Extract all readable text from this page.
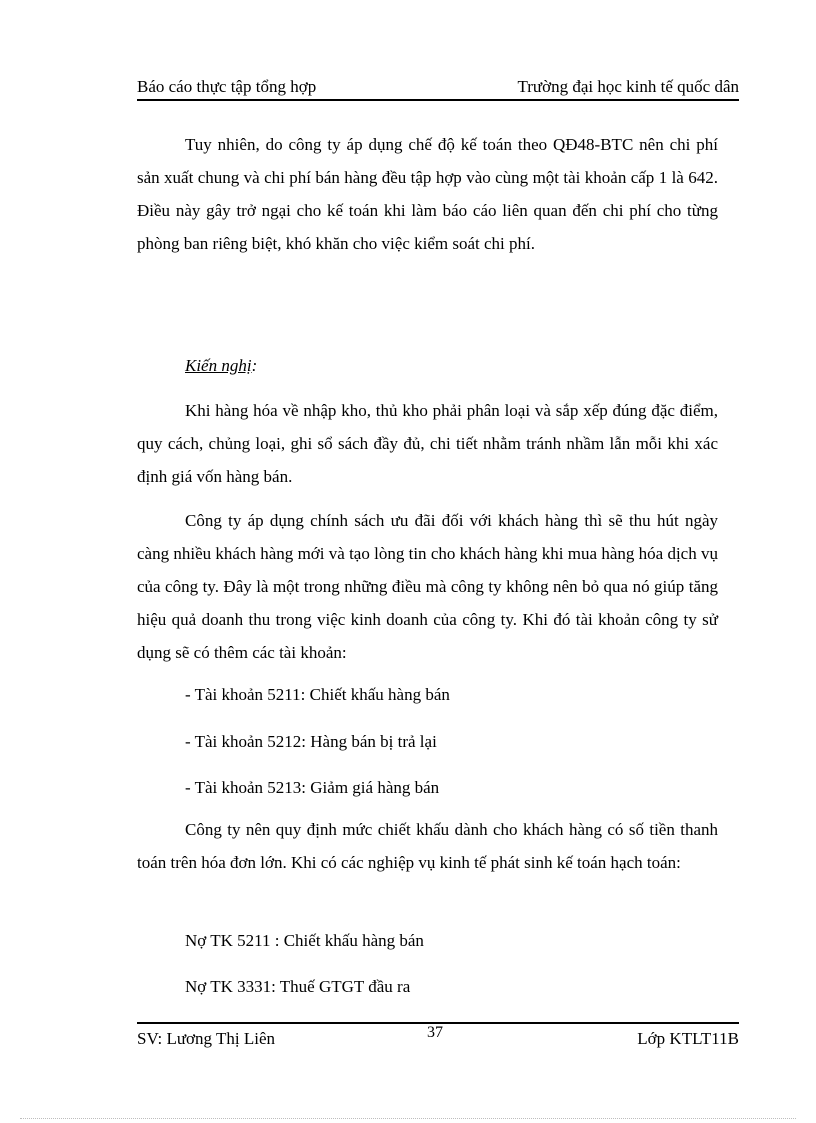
Báo cáo thực tập tổng hợp	Trường đại học kinh tế quốc dân

Tuy nhiên, do công ty áp dụng chế độ kế toán theo QĐ48-BTC nên chi phí sản xuất chung và chi phí bán hàng đều tập hợp vào cùng một tài khoản cấp 1 là 642. Điều này gây trở ngại cho kế toán khi làm báo cáo liên quan đến chi phí cho từng phòng ban riêng biệt, khó khăn cho việc kiểm soát chi phí.

Kiến nghị:

Khi hàng hóa về nhập kho, thủ kho phải phân loại và sắp xếp đúng đặc điểm, quy cách, chủng loại, ghi sổ sách đầy đủ, chi tiết nhằm tránh nhầm lẫn mỗi khi xác định giá vốn hàng bán.

Công ty áp dụng chính sách ưu đãi đối với khách hàng thì sẽ thu hút ngày càng nhiều khách hàng mới và tạo lòng tin cho khách hàng khi mua hàng hóa dịch vụ của công ty. Đây là một trong những điều mà công ty không nên bỏ qua nó giúp tăng hiệu quả doanh thu trong việc kinh doanh của công ty. Khi đó tài khoản công ty sử dụng sẽ có thêm các tài khoản:

- Tài khoản 5211: Chiết khấu hàng bán
- Tài khoản 5212: Hàng bán bị trả lại
- Tài khoản 5213: Giảm giá hàng bán

Công ty nên quy định mức chiết khấu dành cho khách hàng có số tiền thanh toán trên hóa đơn lớn. Khi có các nghiệp vụ kinh tế phát sinh kế toán hạch toán:

Nợ TK 5211 : Chiết khấu hàng bán
Nợ TK 3331: Thuế GTGT đầu ra
SV: Lương Thị Liên	37	Lớp KTLT11B
